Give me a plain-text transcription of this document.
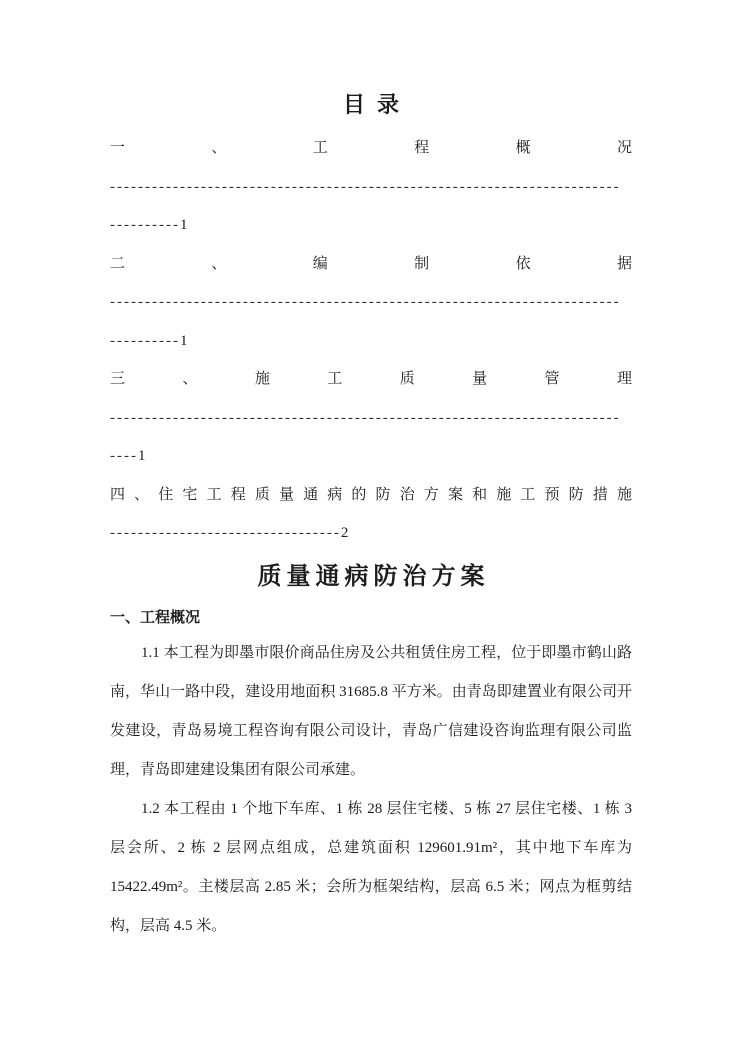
目录
一	、	工	程	概	况
-------------------------------------------------------------------------
----------1
二	、	编	制	依	据
-------------------------------------------------------------------------
----------1
三	、	施	工	质	量	管	理
-------------------------------------------------------------------------
----1
四 、 住 宅 工 程 质 量 通 病 的 防 治 方 案 和 施 工 预 防 措 施
---------------------------------2
质量通病防治方案
一、工程概况

1.1 本工程为即墨市限价商品住房及公共租赁住房工程，位于即墨市鹤山路南，华山一路中段，建设用地面积 31685.8 平方米。由青岛即建置业有限公司开发建设，青岛易境工程咨询有限公司设计，青岛广信建设咨询监理有限公司监理，青岛即建建设集团有限公司承建。

1.2 本工程由 1 个地下车库、1 栋 28 层住宅楼、5 栋 27 层住宅楼、1 栋 3 层会所、2 栋 2 层网点组成，总建筑面积 129601.91m²，其中地下车库为 15422.49m²。主楼层高 2.85 米；会所为框架结构，层高 6.5 米；网点为框剪结构，层高 4.5 米。
